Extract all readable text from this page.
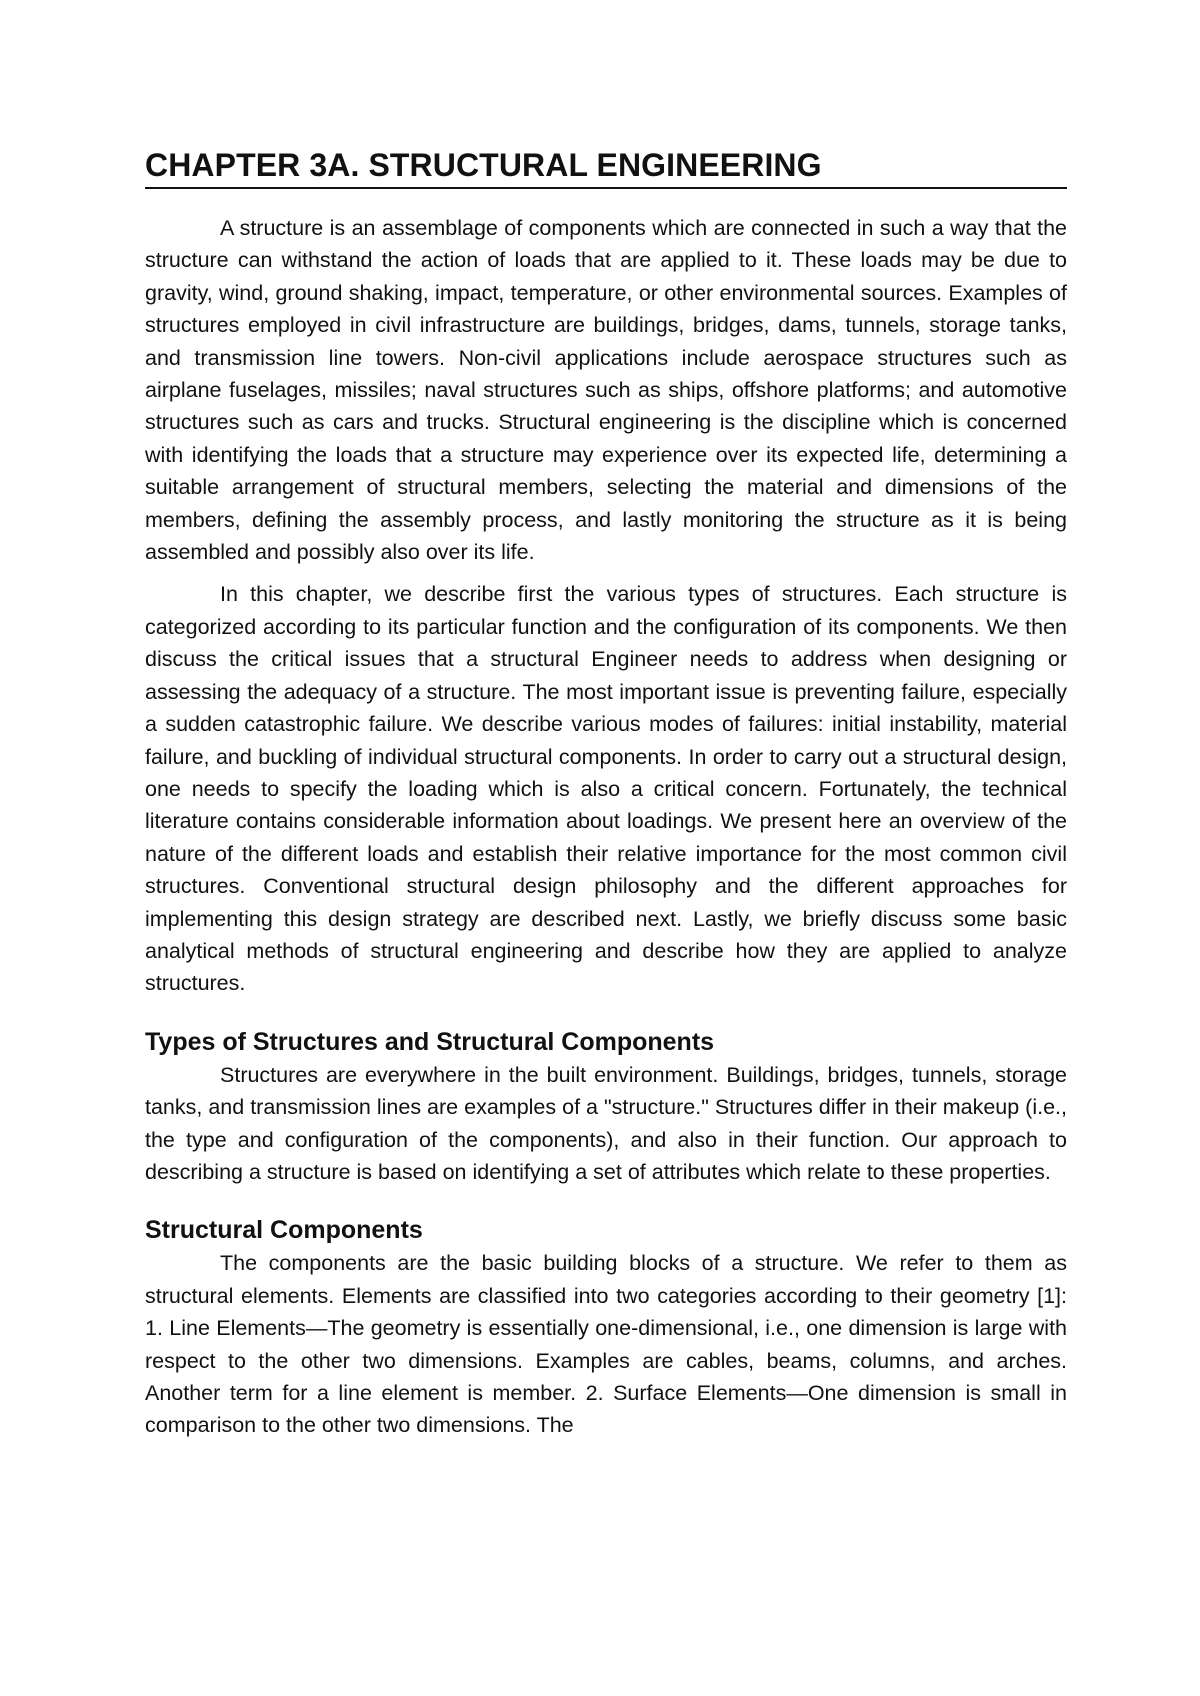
CHAPTER 3A. STRUCTURAL ENGINEERING

A structure is an assemblage of components which are connected in such a way that the structure can withstand the action of loads that are applied to it. These loads may be due to gravity, wind, ground shaking, impact, temperature, or other environmental sources. Examples of structures employed in civil infrastructure are buildings, bridges, dams, tunnels, storage tanks, and transmission line towers. Non-civil applications include aerospace structures such as airplane fuselages, missiles; naval structures such as ships, offshore platforms; and automotive structures such as cars and trucks. Structural engineering is the discipline which is concerned with identifying the loads that a structure may experience over its expected life, determining a suitable arrangement of structural members, selecting the material and dimensions of the members, defining the assembly process, and lastly monitoring the structure as it is being assembled and possibly also over its life.

In this chapter, we describe first the various types of structures. Each structure is categorized according to its particular function and the configuration of its components. We then discuss the critical issues that a structural Engineer needs to address when designing or assessing the adequacy of a structure. The most important issue is preventing failure, especially a sudden catastrophic failure. We describe various modes of failures: initial instability, material failure, and buckling of individual structural components. In order to carry out a structural design, one needs to specify the loading which is also a critical concern. Fortunately, the technical literature contains considerable information about loadings. We present here an overview of the nature of the different loads and establish their relative importance for the most common civil structures. Conventional structural design philosophy and the different approaches for implementing this design strategy are described next. Lastly, we briefly discuss some basic analytical methods of structural engineering and describe how they are applied to analyze structures.

Types of Structures and Structural Components

Structures are everywhere in the built environment. Buildings, bridges, tunnels, storage tanks, and transmission lines are examples of a "structure." Structures differ in their makeup (i.e., the type and configuration of the components), and also in their function. Our approach to describing a structure is based on identifying a set of attributes which relate to these properties.

Structural Components

The components are the basic building blocks of a structure. We refer to them as structural elements. Elements are classified into two categories according to their geometry [1]: 1. Line Elements—The geometry is essentially one-dimensional, i.e., one dimension is large with respect to the other two dimensions. Examples are cables, beams, columns, and arches. Another term for a line element is member. 2. Surface Elements—One dimension is small in comparison to the other two dimensions. The
